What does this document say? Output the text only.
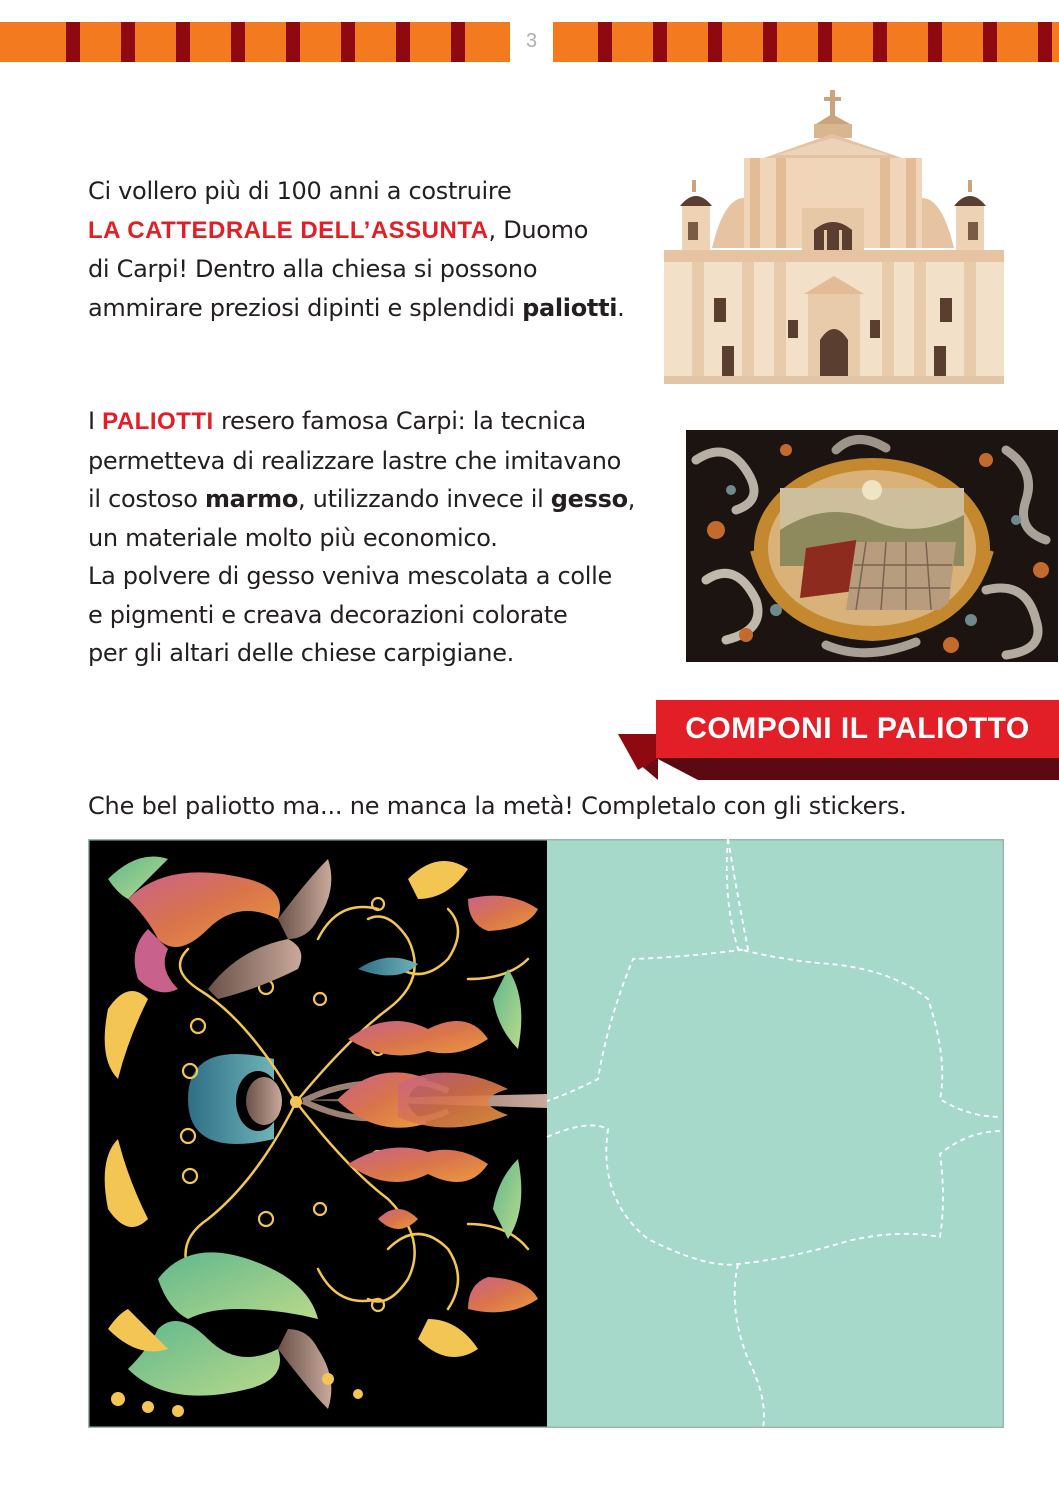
3

Ci vollero più di 100 anni a costruire
LA CATTEDRALE DELL’ASSUNTA, Duomo
di Carpi! Dentro alla chiesa si possono
ammirare preziosi dipinti e splendidi paliotti.

I PALIOTTI resero famosa Carpi: la tecnica
permetteva di realizzare lastre che imitavano
il costoso marmo, utilizzando invece il gesso,
un materiale molto più economico.
La polvere di gesso veniva mescolata a colle
e pigmenti e creava decorazioni colorate
per gli altari delle chiese carpigiane.

COMPONI IL PALIOTTO

Che bel paliotto ma... ne manca la metà! Completalo con gli stickers.
